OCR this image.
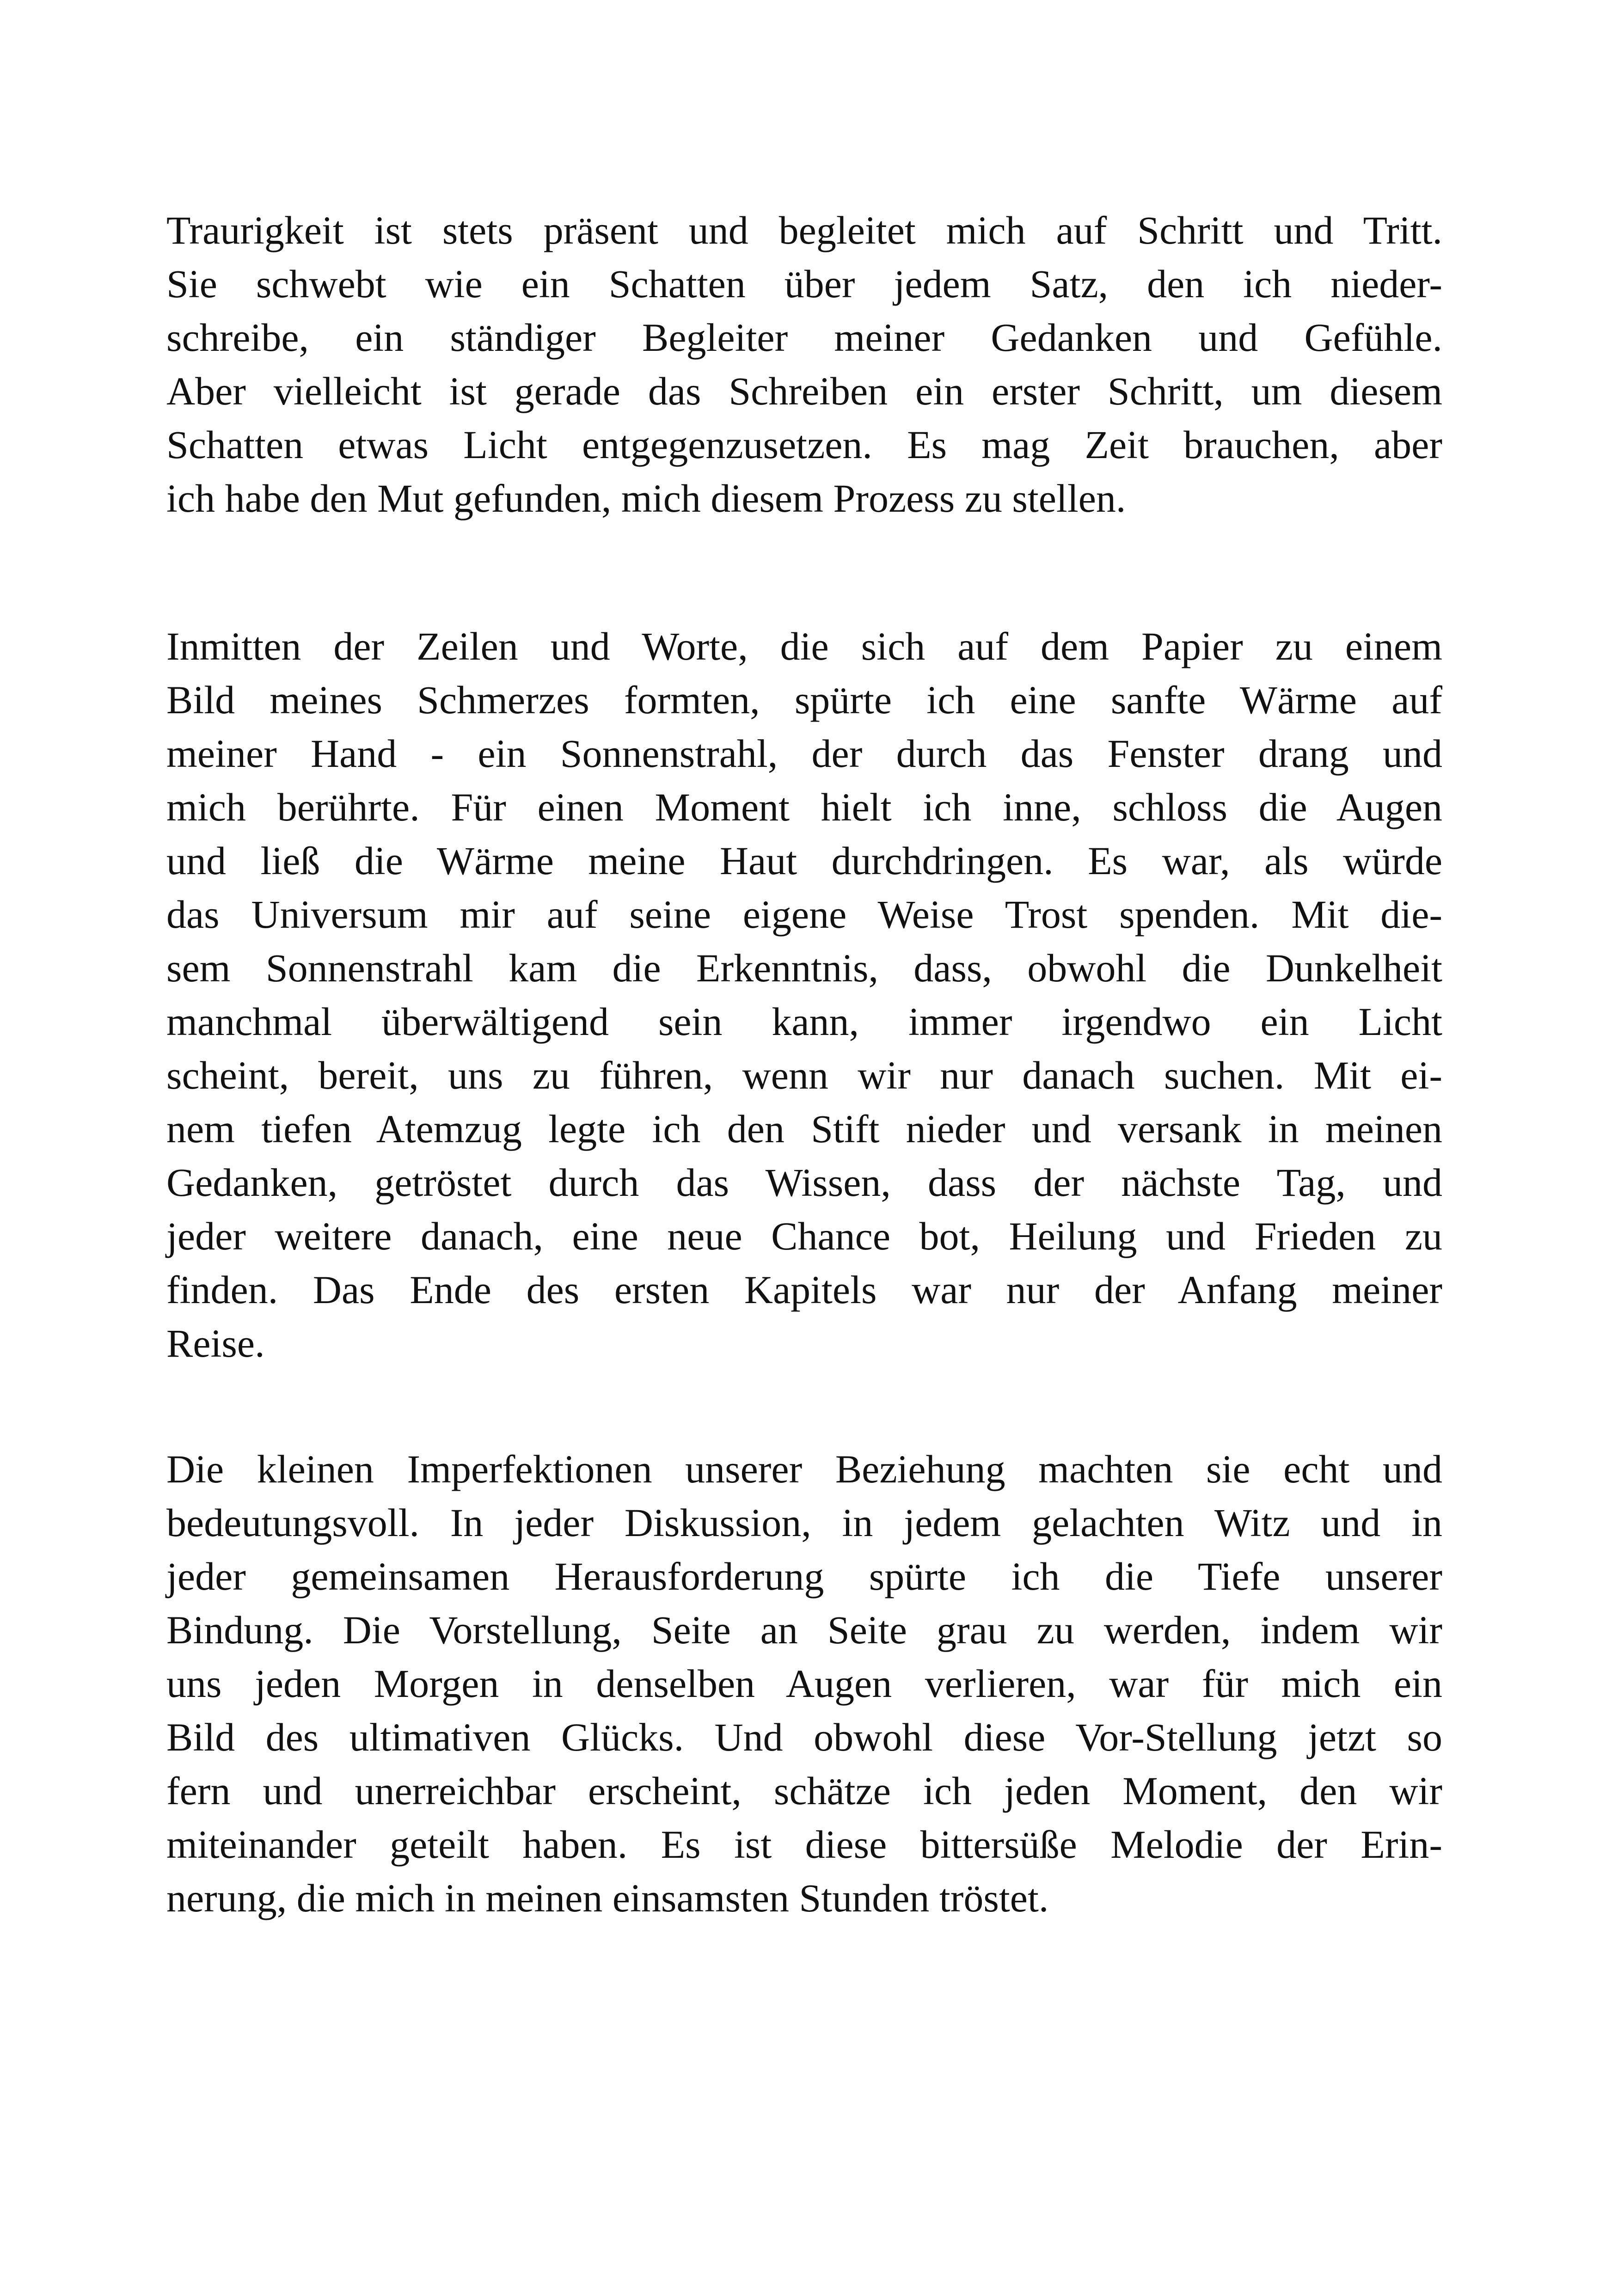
Traurigkeit ist stets präsent und begleitet mich auf Schritt und Tritt.
Sie schwebt wie ein Schatten über jedem Satz, den ich nieder-
schreibe, ein ständiger Begleiter meiner Gedanken und Gefühle.
Aber vielleicht ist gerade das Schreiben ein erster Schritt, um diesem
Schatten etwas Licht entgegenzusetzen. Es mag Zeit brauchen, aber
ich habe den Mut gefunden, mich diesem Prozess zu stellen.
Inmitten der Zeilen und Worte, die sich auf dem Papier zu einem
Bild meines Schmerzes formten, spürte ich eine sanfte Wärme auf
meiner Hand - ein Sonnenstrahl, der durch das Fenster drang und
mich berührte. Für einen Moment hielt ich inne, schloss die Augen
und ließ die Wärme meine Haut durchdringen. Es war, als würde
das Universum mir auf seine eigene Weise Trost spenden. Mit die-
sem Sonnenstrahl kam die Erkenntnis, dass, obwohl die Dunkelheit
manchmal überwältigend sein kann, immer irgendwo ein Licht
scheint, bereit, uns zu führen, wenn wir nur danach suchen. Mit ei-
nem tiefen Atemzug legte ich den Stift nieder und versank in meinen
Gedanken, getröstet durch das Wissen, dass der nächste Tag, und
jeder weitere danach, eine neue Chance bot, Heilung und Frieden zu
finden. Das Ende des ersten Kapitels war nur der Anfang meiner
Reise.
Die kleinen Imperfektionen unserer Beziehung machten sie echt und
bedeutungsvoll. In jeder Diskussion, in jedem gelachten Witz und in
jeder gemeinsamen Herausforderung spürte ich die Tiefe unserer
Bindung. Die Vorstellung, Seite an Seite grau zu werden, indem wir
uns jeden Morgen in denselben Augen verlieren, war für mich ein
Bild des ultimativen Glücks. Und obwohl diese Vor-Stellung jetzt so
fern und unerreichbar erscheint, schätze ich jeden Moment, den wir
miteinander geteilt haben. Es ist diese bittersüße Melodie der Erin-
nerung, die mich in meinen einsamsten Stunden tröstet.
